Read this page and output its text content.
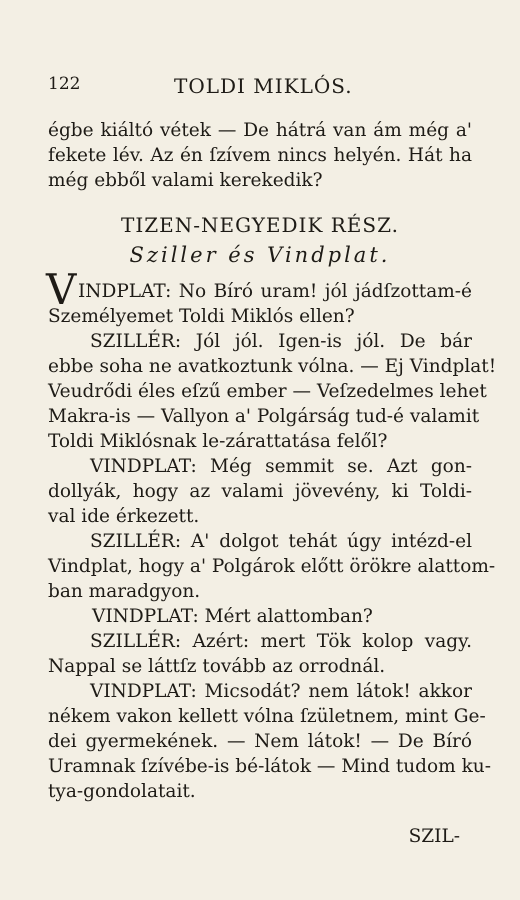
122	TOLDI MIKLÓS.
égbe kiáltó vétek — De hátrá van ám még a'
fekete lév. Az én ſzívem nincs helyén. Hát ha
még ebből valami kerekedik?
TIZEN-NEGYEDIK RÉSZ.
Sziller és Vindplat.
V INDPLAT: No Bíró uram! jól jádſzottam-é
Személyemet Toldi Miklós ellen?
SZILLÉR: Jól jól. Igen-is jól. De bár
ebbe soha ne avatkoztunk vólna. — Ej Vindplat!
Veudrődi éles eſzű ember — Veſzedelmes lehet
Makra-is — Vallyon a' Polgárság tud-é valamit
Toldi Miklósnak le-zárattatása felől?
VINDPLAT: Még semmit se. Azt gon-
dollyák, hogy az valami jövevény, ki Toldi-
val ide érkezett.
SZILLÉR: A' dolgot tehát úgy intézd-el
Vindplat, hogy a' Polgárok előtt örökre alattom-
ban maradgyon.
VINDPLAT: Mért alattomban?
SZILLÉR: Azért: mert Tök kolop vagy.
Nappal se láttſz tovább az orrodnál.
VINDPLAT: Micsodát? nem látok! akkor
nékem vakon kellett vólna ſzületnem, mint Ge-
dei gyermekének. — Nem látok! — De Bíró
Uramnak ſzívébe-is bé-látok — Mind tudom ku-
tya-gondolatait.
SZIL-
